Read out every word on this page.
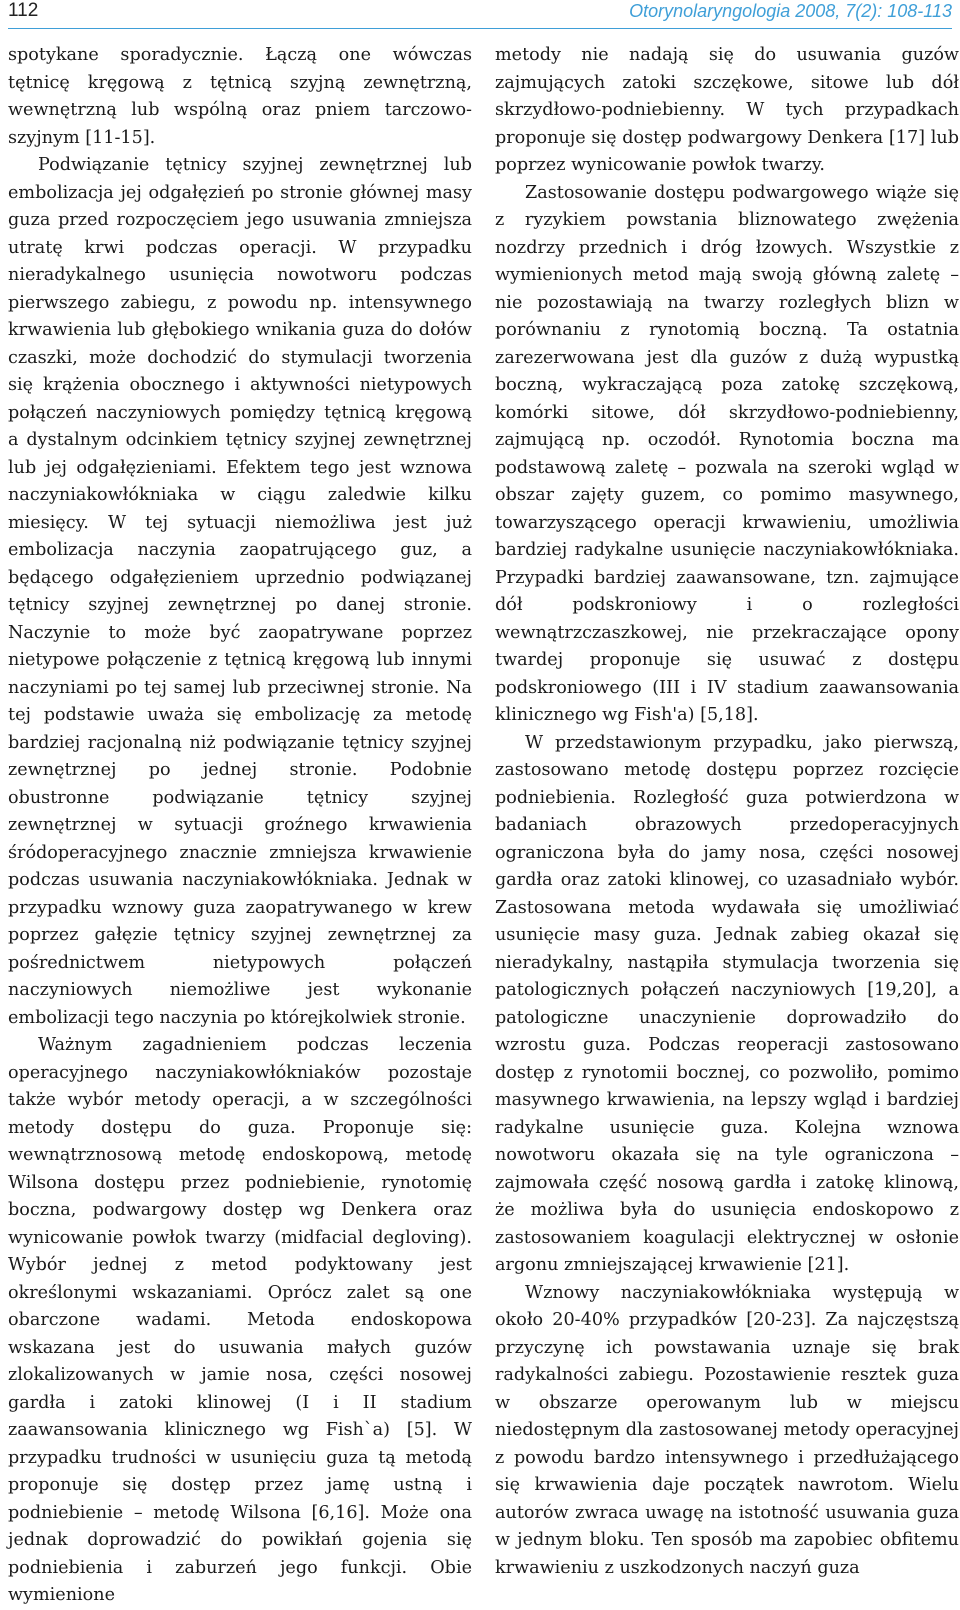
112	Otorynolaryngologia 2008, 7(2): 108-113

spotykane sporadycznie. Łączą one wówczas tętnicę kręgową z tętnicą szyjną zewnętrzną, wewnętrzną lub wspólną oraz pniem tarczowo-szyjnym [11-15].

Podwiązanie tętnicy szyjnej zewnętrznej lub embolizacja jej odgałęzień po stronie głównej masy guza przed rozpoczęciem jego usuwania zmniejsza utratę krwi podczas operacji. W przypadku nieradykalnego usunięcia nowotworu podczas pierwszego zabiegu, z powodu np. intensywnego krwawienia lub głębokiego wnikania guza do dołów czaszki, może dochodzić do stymulacji tworzenia się krążenia obocznego i aktywności nietypowych połączeń naczyniowych pomiędzy tętnicą kręgową a dystalnym odcinkiem tętnicy szyjnej zewnętrznej lub jej odgałęzieniami. Efektem tego jest wznowa naczyniakowłókniaka w ciągu zaledwie kilku miesięcy. W tej sytuacji niemożliwa jest już embolizacja naczynia zaopatrującego guz, a będącego odgałęzieniem uprzednio podwiązanej tętnicy szyjnej zewnętrznej po danej stronie. Naczynie to może być zaopatrywane poprzez nietypowe połączenie z tętnicą kręgową lub innymi naczyniami po tej samej lub przeciwnej stronie. Na tej podstawie uważa się embolizację za metodę bardziej racjonalną niż podwiązanie tętnicy szyjnej zewnętrznej po jednej stronie. Podobnie obustronne podwiązanie tętnicy szyjnej zewnętrznej w sytuacji groźnego krwawienia śródoperacyjnego znacznie zmniejsza krwawienie podczas usuwania naczyniakowłókniaka. Jednak w przypadku wznowy guza zaopatrywanego w krew poprzez gałęzie tętnicy szyjnej zewnętrznej za pośrednictwem nietypowych połączeń naczyniowych niemożliwe jest wykonanie embolizacji tego naczynia po którejkolwiek stronie.

Ważnym zagadnieniem podczas leczenia operacyjnego naczyniakowłókniaków pozostaje także wybór metody operacji, a w szczególności metody dostępu do guza. Proponuje się: wewnątrznosową metodę endoskopową, metodę Wilsona dostępu przez podniebienie, rynotomię boczna, podwargowy dostęp wg Denkera oraz wynicowanie powłok twarzy (midfacial degloving). Wybór jednej z metod podyktowany jest określonymi wskazaniami. Oprócz zalet są one obarczone wadami. Metoda endoskopowa wskazana jest do usuwania małych guzów zlokalizowanych w jamie nosa, części nosowej gardła i zatoki klinowej (I i II stadium zaawansowania klinicznego wg Fish`a) [5]. W przypadku trudności w usunięciu guza tą metodą proponuje się dostęp przez jamę ustną i podniebienie – metodę Wilsona [6,16]. Może ona jednak doprowadzić do powikłań gojenia się podniebienia i zaburzeń jego funkcji. Obie wymienione

metody nie nadają się do usuwania guzów zajmujących zatoki szczękowe, sitowe lub dół skrzydłowo-podniebienny. W tych przypadkach proponuje się dostęp podwargowy Denkera [17] lub poprzez wynicowanie powłok twarzy.

Zastosowanie dostępu podwargowego wiąże się z ryzykiem powstania bliznowatego zwężenia nozdrzy przednich i dróg łzowych. Wszystkie z wymienionych metod mają swoją główną zaletę – nie pozostawiają na twarzy rozległych blizn w porównaniu z rynotomią boczną. Ta ostatnia zarezerwowana jest dla guzów z dużą wypustką boczną, wykraczającą poza zatokę szczękową, komórki sitowe, dół skrzydłowo-podniebienny, zajmującą np. oczodół. Rynotomia boczna ma podstawową zaletę – pozwala na szeroki wgląd w obszar zajęty guzem, co pomimo masywnego, towarzyszącego operacji krwawieniu, umożliwia bardziej radykalne usunięcie naczyniakowłókniaka. Przypadki bardziej zaawansowane, tzn. zajmujące dół podskroniowy i o rozległości wewnątrzczaszkowej, nie przekraczające opony twardej proponuje się usuwać z dostępu podskroniowego (III i IV stadium zaawansowania klinicznego wg Fish'a) [5,18].

W przedstawionym przypadku, jako pierwszą, zastosowano metodę dostępu poprzez rozcięcie podniebienia. Rozległość guza potwierdzona w badaniach obrazowych przedoperacyjnych ograniczona była do jamy nosa, części nosowej gardła oraz zatoki klinowej, co uzasadniało wybór. Zastosowana metoda wydawała się umożliwiać usunięcie masy guza. Jednak zabieg okazał się nieradykalny, nastąpiła stymulacja tworzenia się patologicznych połączeń naczyniowych [19,20], a patologiczne unaczynienie doprowadziło do wzrostu guza. Podczas reoperacji zastosowano dostęp z rynotomii bocznej, co pozwoliło, pomimo masywnego krwawienia, na lepszy wgląd i bardziej radykalne usunięcie guza. Kolejna wznowa nowotworu okazała się na tyle ograniczona – zajmowała część nosową gardła i zatokę klinową, że możliwa była do usunięcia endoskopowo z zastosowaniem koagulacji elektrycznej w osłonie argonu zmniejszającej krwawienie [21].

Wznowy naczyniakowłókniaka występują w około 20-40% przypadków [20-23]. Za najczęstszą przyczynę ich powstawania uznaje się brak radykalności zabiegu. Pozostawienie resztek guza w obszarze operowanym lub w miejscu niedostępnym dla zastosowanej metody operacyjnej z powodu bardzo intensywnego i przedłużającego się krwawienia daje początek nawrotom. Wielu autorów zwraca uwagę na istotność usuwania guza w jednym bloku. Ten sposób ma zapobiec obfitemu krwawieniu z uszkodzonych naczyń guza
